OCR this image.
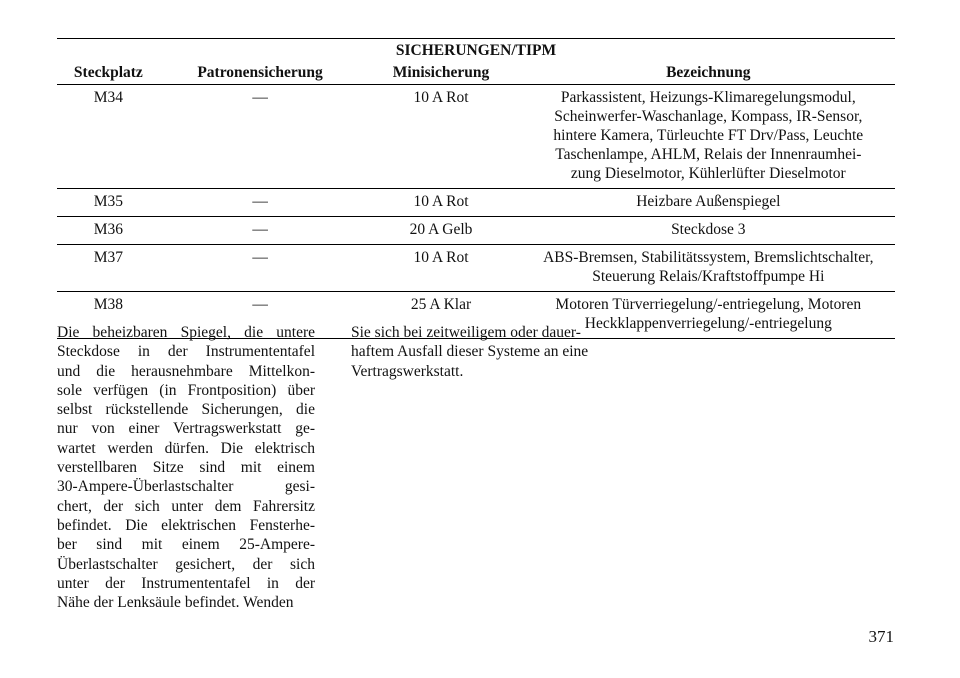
SICHERUNGEN/TIPM			
Steckplatz	Patronensicherung	Minisicherung	Bezeichnung
M34	—	10 A Rot	Parkassistent, Heizungs-Klimaregelungsmodul,
Scheinwerfer-Waschanlage, Kompass, IR-Sensor,
hintere Kamera, Türleuchte FT Drv/Pass, Leuchte
Taschenlampe, AHLM, Relais der Innenraumhei-
zung Dieselmotor, Kühlerlüfter Dieselmotor

M35	—	10 A Rot	Heizbare Außenspiegel

M36	—	20 A Gelb	Steckdose 3

M37	—	10 A Rot	ABS-Bremsen, Stabilitätssystem, Bremslichtschalter,
Steuerung Relais/Kraftstoffpumpe Hi

M38	—	25 A Klar	Motoren Türverriegelung/-entriegelung, Motoren
Heckklappenverriegelung/-entriegelung
Die beheizbaren Spiegel, die untere
Steckdose in der Instrumententafel
und die herausnehmbare Mittelkon-
sole verfügen (in Frontposition) über
selbst rückstellende Sicherungen, die
nur von einer Vertragswerkstatt ge-
wartet werden dürfen. Die elektrisch
verstellbaren Sitze sind mit einem
30-Ampere-Überlastschalter gesi-
chert, der sich unter dem Fahrersitz
befindet. Die elektrischen Fensterhe-
ber sind mit einem 25-Ampere-
Überlastschalter gesichert, der sich
unter der Instrumententafel in der
Nähe der Lenksäule befindet. Wenden
Sie sich bei zeitweiligem oder dauer-
haftem Ausfall dieser Systeme an eine
Vertragswerkstatt.
371
